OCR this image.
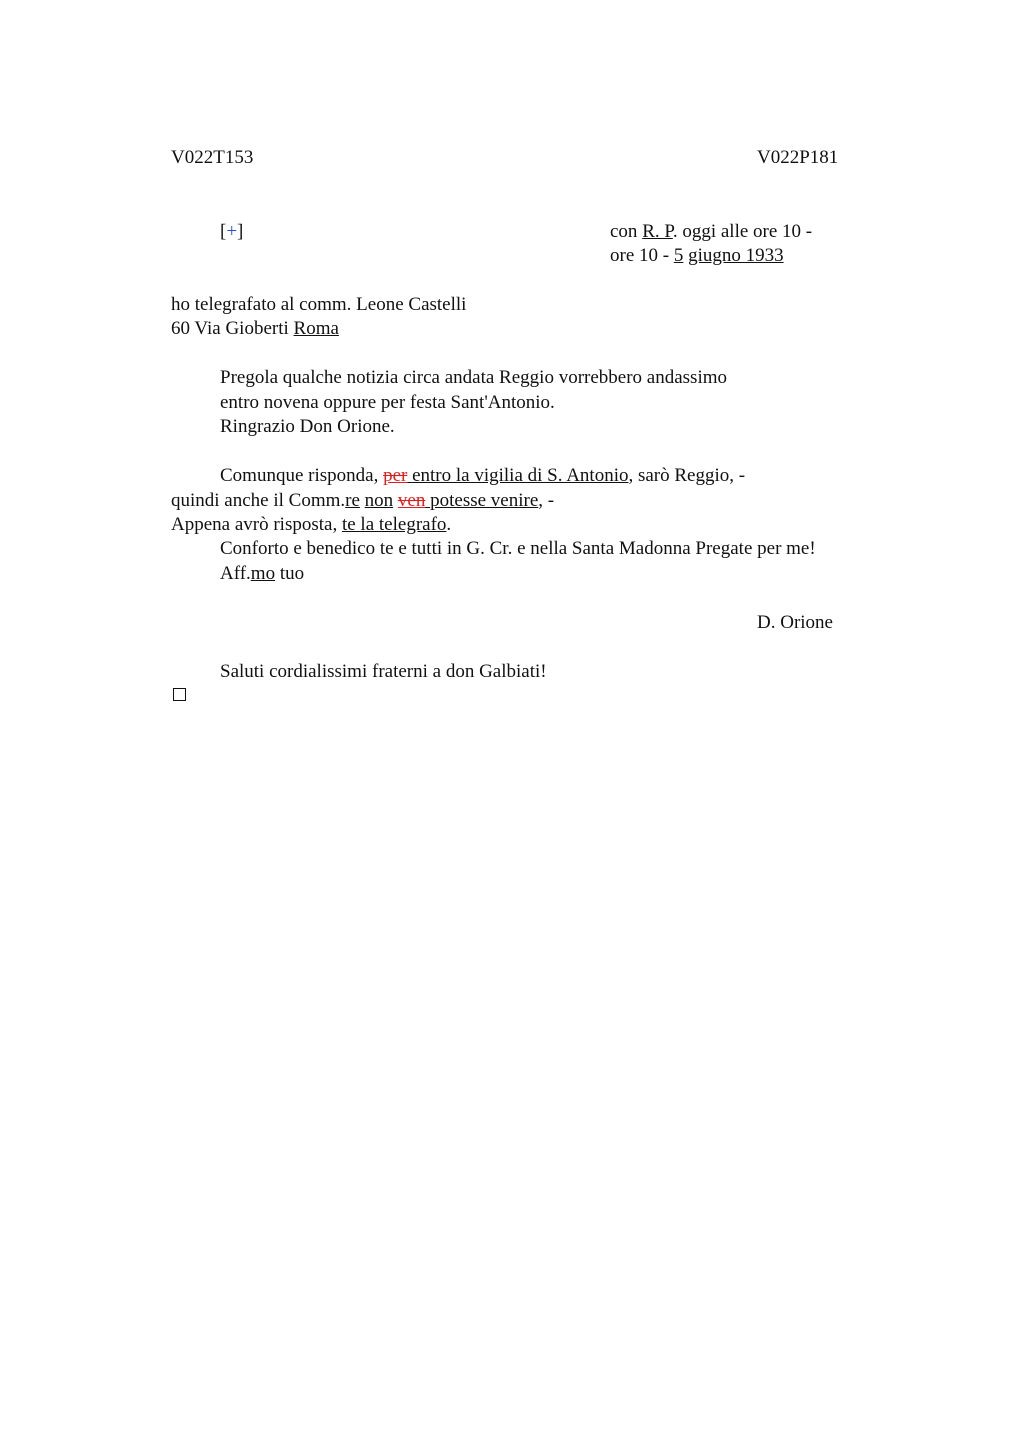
V022T153	V022P181
[+]	con R. P. oggi alle ore 10 -
ore 10 - 5 giugno 1933
ho telegrafato al comm. Leone Castelli
60 Via Gioberti Roma
Pregola qualche notizia circa andata Reggio vorrebbero andassimo
entro novena oppure per festa Sant'Antonio.
Ringrazio Don Orione.
Comunque risponda, per entro la vigilia di S. Antonio, sarò Reggio, -
quindi anche il Comm.re non ven potesse venire, -
Appena avrò risposta, te la telegrafo.
Conforto e benedico te e tutti in G. Cr. e nella Santa Madonna Pregate per me!
Aff.mo tuo
D. Orione
Saluti cordialissimi fraterni a don Galbiati!
